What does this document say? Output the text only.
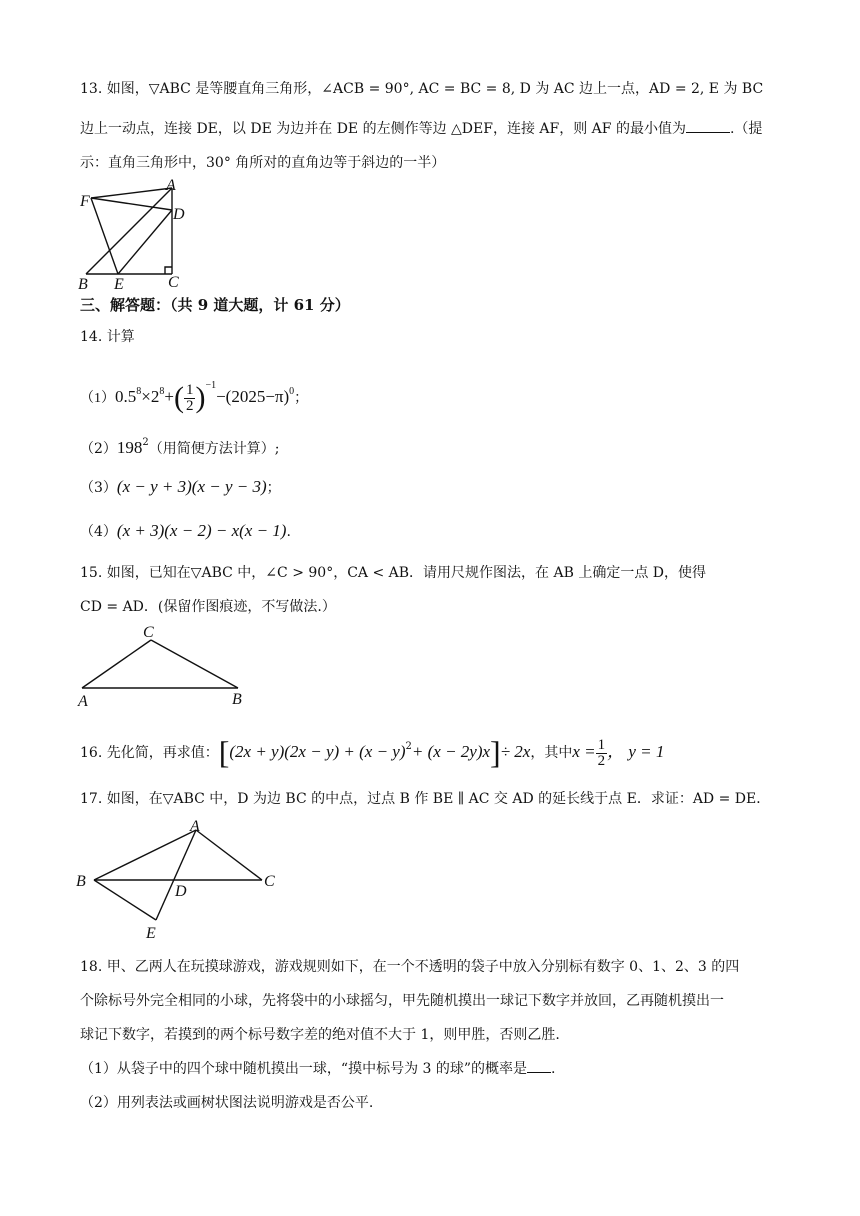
13. 如图，▽ABC 是等腰直角三角形，∠ACB = 90°, AC = BC = 8, D 为 AC 边上一点，AD = 2, E 为 BC
边上一动点，连接 DE，以 DE 为边并在 DE 的左侧作等边 △DEF，连接 AF，则 AF 的最小值为	.（提
示：直角三角形中，30° 角所对的直角边等于斜边的一半）
F
A
D
B E	C
三、解答题：（共 9 道大题，计 61 分）
14. 计算
$(1)0.5^8\times 2^8+( \frac{1}{2} )^{-1}-(2025-\pi)^0$；
$(2)198^2$（用简便方法计算）;
（3）(x − y + 3)(x − y − 3)；
（4）(x + 3)(x − 2) − x(x − 1).
15. 如图，已知在▽ABC 中，∠C > 90°，CA < AB．请用尺规作图法，在 AB 上确定一点 D，使得
CD = AD．(保留作图痕迹，不写做法.）
C
A	B
16. 先化简，再求值：$[(2x + y)(2x - y) + (x - y)^2+ (x - 2y)x]\div 2x$，其中$x = \frac{1}{2}$ ， y = 1
17. 如图，在▽ABC 中，D 为边 BC 的中点，过点 B 作 BE ∥ AC 交 AD 的延长线于点 E．求证：AD = DE．
A
B	C
D
E
18. 甲、乙两人在玩摸球游戏，游戏规则如下，在一个不透明的袋子中放入分别标有数字 0、1、2、3 的四
个除标号外完全相同的小球，先将袋中的小球摇匀，甲先随机摸出一球记下数字并放回，乙再随机摸出一
球记下数字，若摸到的两个标号数字差的绝对值不大于 1，则甲胜，否则乙胜.
（1）从袋子中的四个球中随机摸出一球，“摸中标号为 3 的球”的概率是 .
（2）用列表法或画树状图法说明游戏是否公平.
